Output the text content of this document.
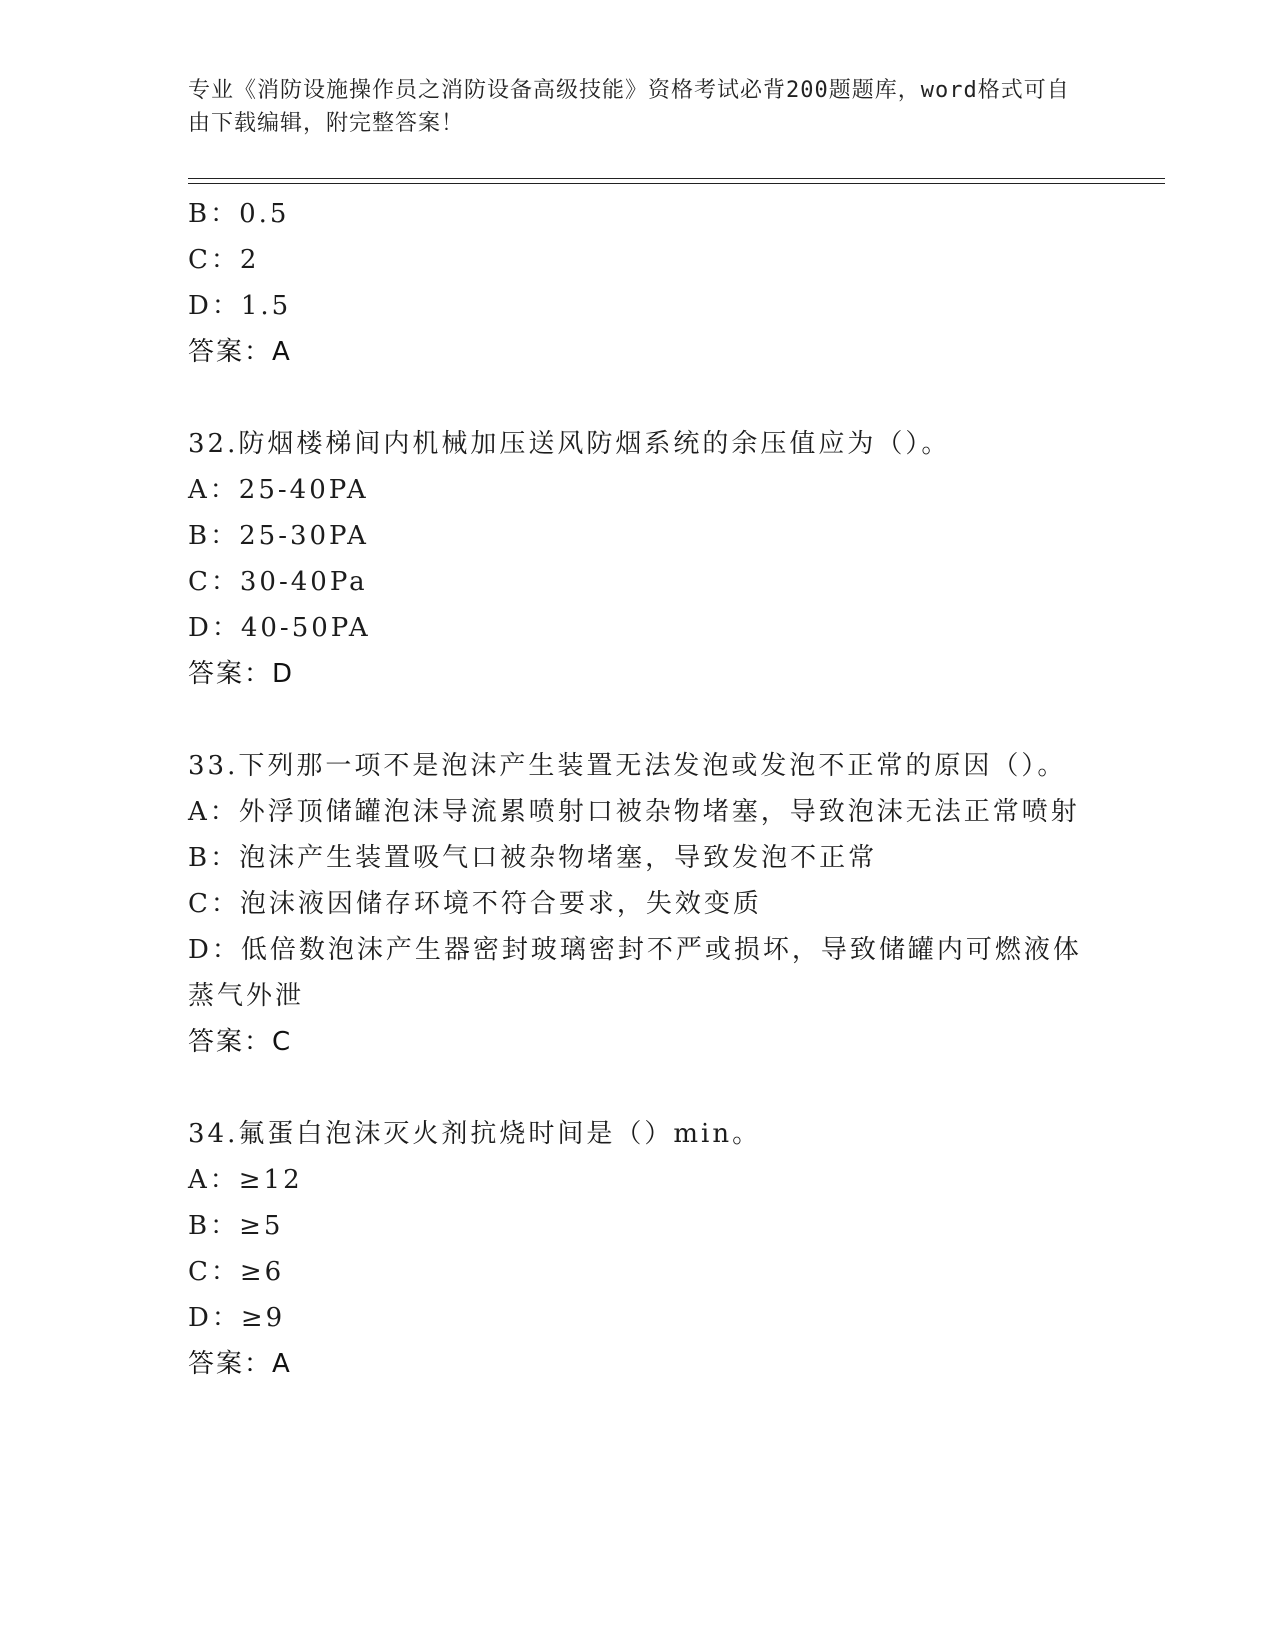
专业《消防设施操作员之消防设备高级技能》资格考试必背200题题库，word格式可自由下载编辑，附完整答案！
B：0.5
C：2
D：1.5
答案：A
32.防烟楼梯间内机械加压送风防烟系统的余压值应为（）。
A：25-40PA
B：25-30PA
C：30-40Pa
D：40-50PA
答案：D
33.下列那一项不是泡沫产生装置无法发泡或发泡不正常的原因（）。
A：外浮顶储罐泡沫导流累喷射口被杂物堵塞，导致泡沫无法正常喷射
B：泡沫产生装置吸气口被杂物堵塞，导致发泡不正常
C：泡沫液因储存环境不符合要求，失效变质
D：低倍数泡沫产生器密封玻璃密封不严或损坏，导致储罐内可燃液体蒸气外泄
答案：C
34.氟蛋白泡沫灭火剂抗烧时间是（）min。
A：≥12
B：≥5
C：≥6
D：≥9
答案：A
